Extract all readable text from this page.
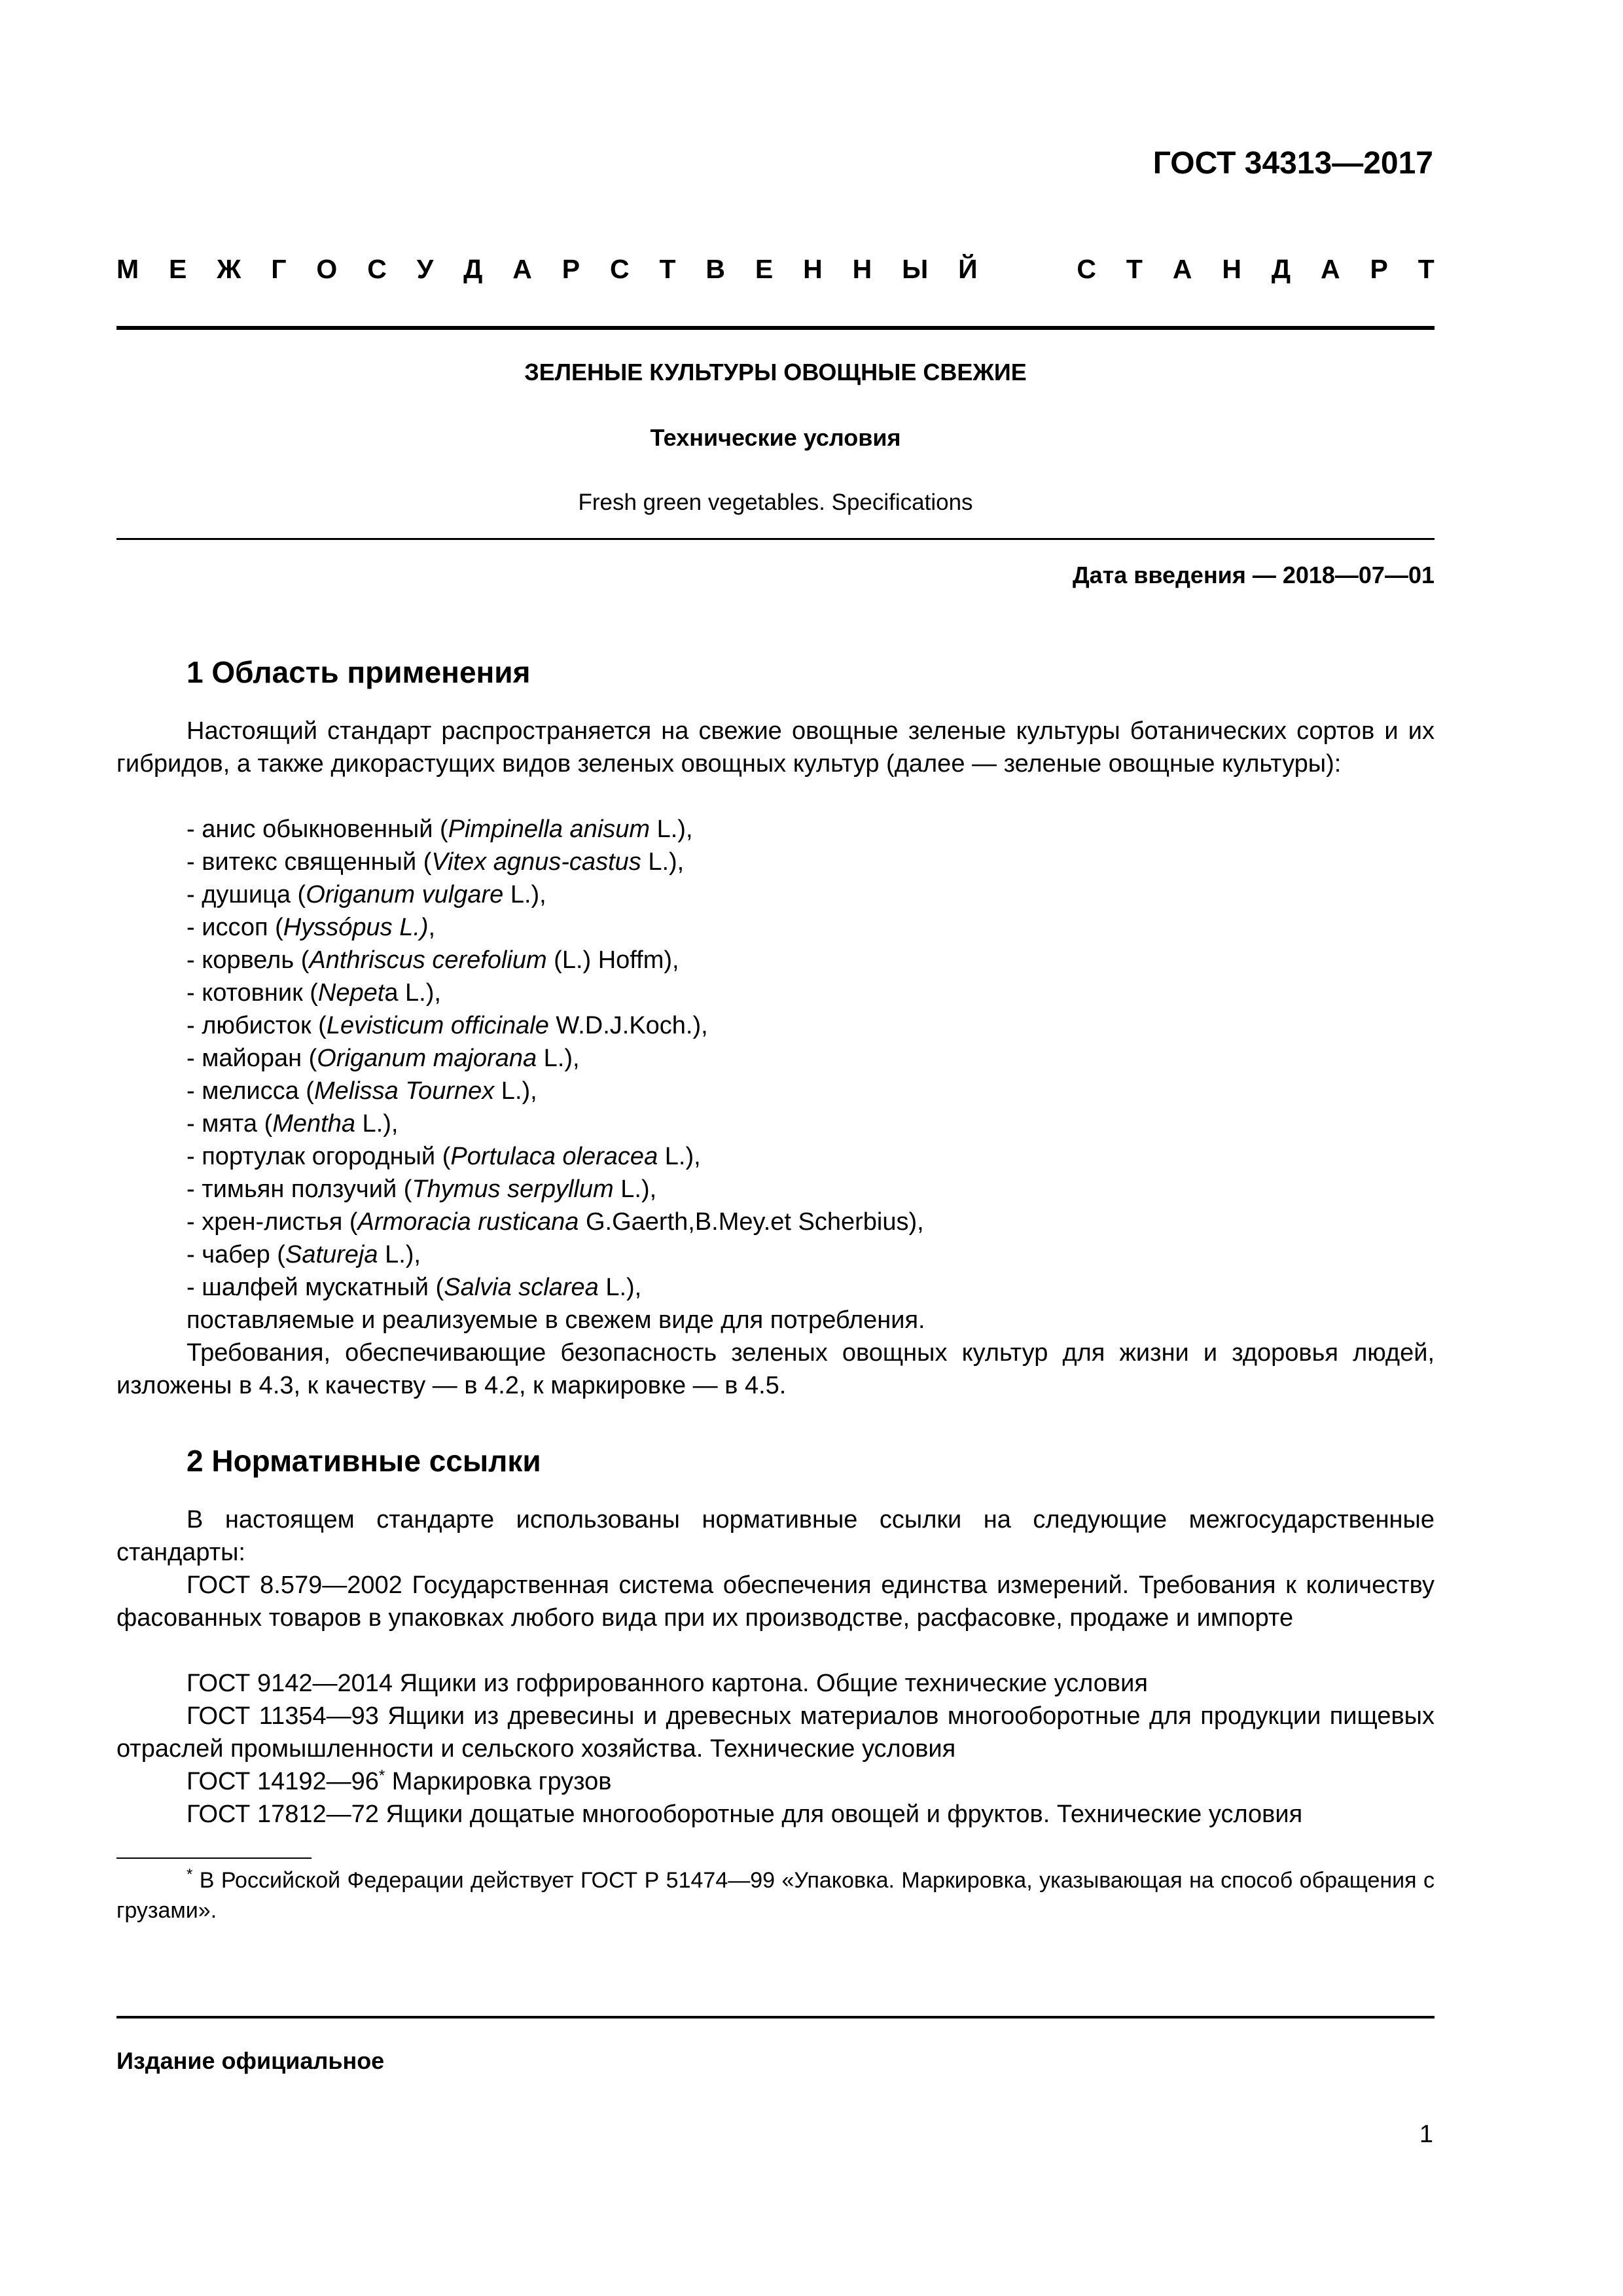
ГОСТ 34313—2017
М Е Ж Г О С У Д А Р С Т В Е Н Н Ы Й	С Т А Н Д А Р Т
ЗЕЛЕНЫЕ КУЛЬТУРЫ ОВОЩНЫЕ СВЕЖИЕ
Технические условия
Fresh green vegetables. Specifications
Дата введения — 2018—07—01
1 Область применения
Настоящий стандарт распространяется на свежие овощные зеленые культуры ботанических сортов и их гибридов, а также дикорастущих видов зеленых овощных культур (далее — зеленые овощные культуры):
- анис обыкновенный (Pimpinella anisum L.),
- витекс священный (Vitex agnus-castus L.),
- душица (Origanum vulgare L.),
- иссоп (Hyssópus L.),
- корвель (Anthriscus cerefolium (L.) Hoffm),
- котовник (Nepeta L.),
- любисток (Levisticum officinale W.D.J.Koch.),
- майоран (Origanum majorana L.),
- мелисса (Melissa Tournex L.),
- мята (Mentha L.),
- портулак огородный (Portulaca oleracea L.),
- тимьян ползучий (Thymus serpyllum L.),
- хрен-листья (Armoracia rusticana G.Gaerth,B.Mey.et Scherbius),
- чабер (Satureja L.),
- шалфей мускатный (Salvia sclarea L.),
поставляемые и реализуемые в свежем виде для потребления.
Требования, обеспечивающие безопасность зеленых овощных культур для жизни и здоровья людей, изложены в 4.3, к качеству — в 4.2, к маркировке — в 4.5.
2 Нормативные ссылки
В настоящем стандарте использованы нормативные ссылки на следующие межгосударственные стандарты:
ГОСТ 8.579—2002 Государственная система обеспечения единства измерений. Требования к количеству фасованных товаров в упаковках любого вида при их производстве, расфасовке, продаже и импорте
ГОСТ 9142—2014 Ящики из гофрированного картона. Общие технические условия
ГОСТ 11354—93 Ящики из древесины и древесных материалов многооборотные для продукции пищевых отраслей промышленности и сельского хозяйства. Технические условия
ГОСТ 14192—96* Маркировка грузов
ГОСТ 17812—72 Ящики дощатые многооборотные для овощей и фруктов. Технические условия
* В Российской Федерации действует ГОСТ Р 51474—99 «Упаковка. Маркировка, указывающая на способ обращения с грузами».
Издание официальное
1
